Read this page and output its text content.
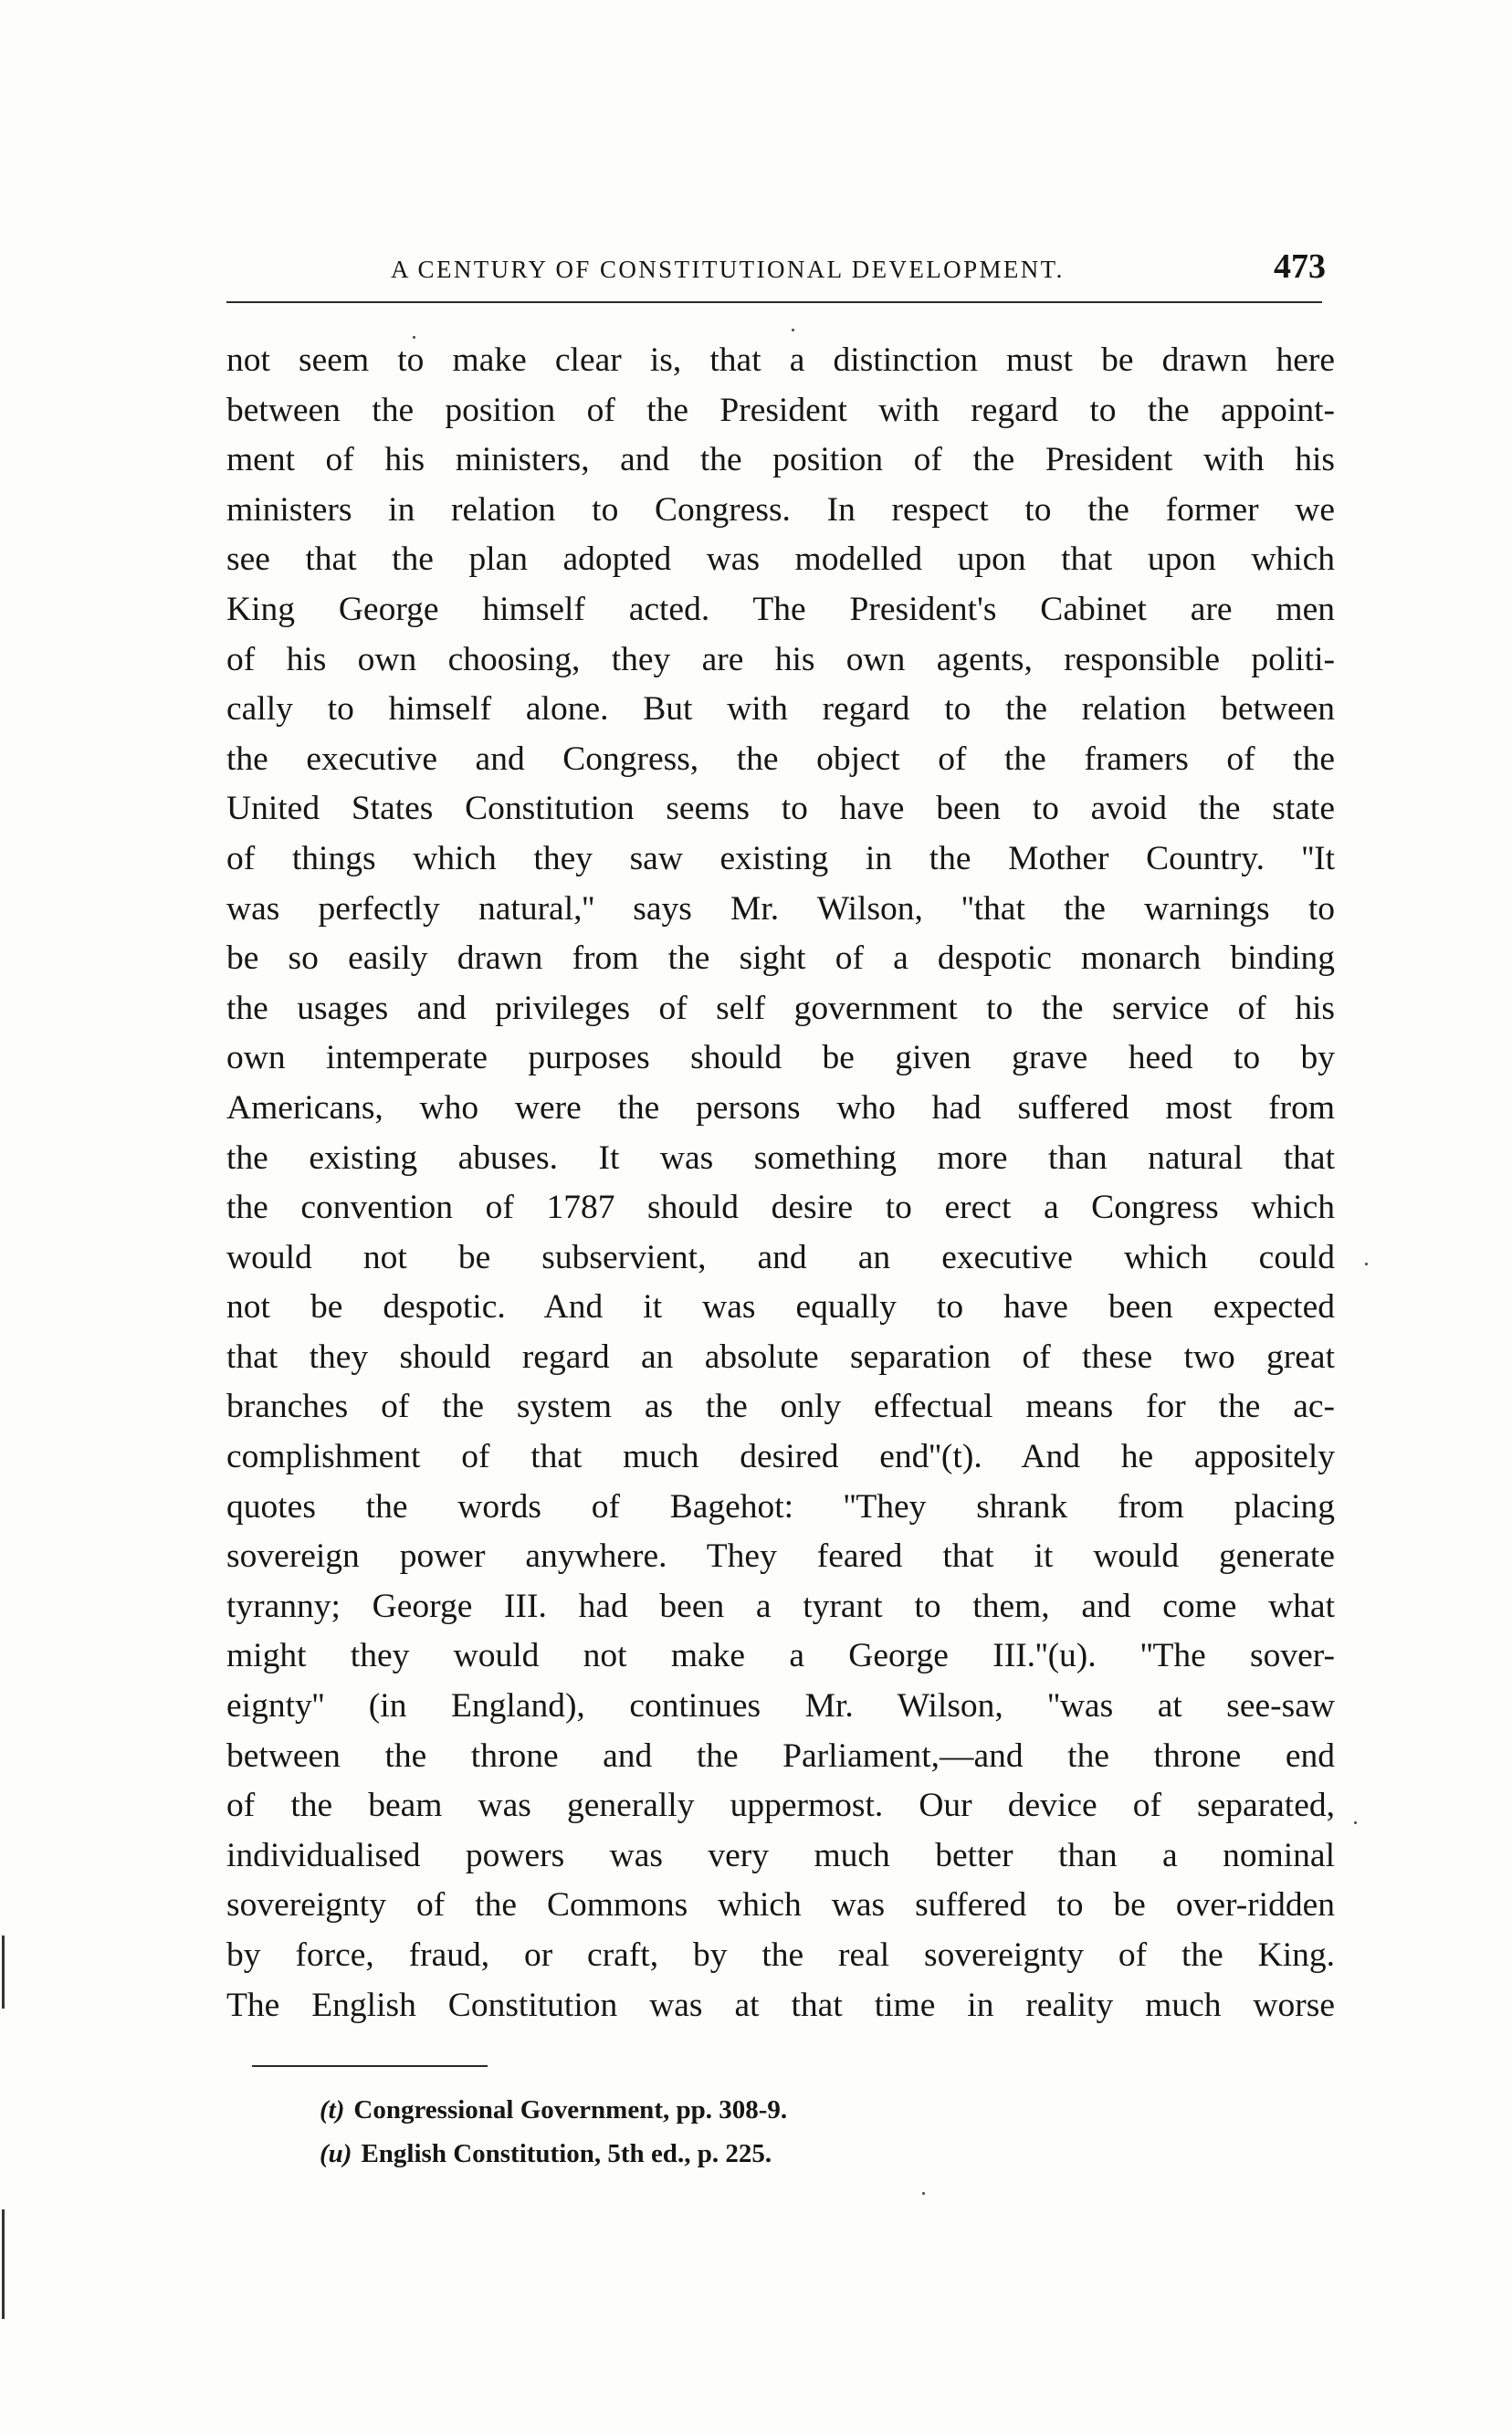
A CENTURY OF CONSTITUTIONAL DEVELOPMENT.	473
not seem to make clear is, that a distinction must be drawn here
between the position of the President with regard to the appoint-
ment of his ministers, and the position of the President with his
ministers in relation to Congress. In respect to the former we
see that the plan adopted was modelled upon that upon which
King George himself acted. The President's Cabinet are men
of his own choosing, they are his own agents, responsible politi-
cally to himself alone. But with regard to the relation between
the executive and Congress, the object of the framers of the
United States Constitution seems to have been to avoid the state
of things which they saw existing in the Mother Country. ''It
was perfectly natural,'' says Mr. Wilson, ''that the warnings to
be so easily drawn from the sight of a despotic monarch binding
the usages and privileges of self government to the service of his
own intemperate purposes should be given grave heed to by
Americans, who were the persons who had suffered most from
the existing abuses. It was something more than natural that
the convention of 1787 should desire to erect a Congress which
would not be subservient, and an executive which could
not be despotic. And it was equally to have been expected
that they should regard an absolute separation of these two great
branches of the system as the only effectual means for the ac-
complishment of that much desired end''(t). And he appositely
quotes the words of Bagehot: ''They shrank from placing
sovereign power anywhere. They feared that it would generate
tyranny; George III. had been a tyrant to them, and come what
might they would not make a George III.''(u). ''The sover-
eignty'' (in England), continues Mr. Wilson, ''was at see-saw
between the throne and the Parliament,—and the throne end
of the beam was generally uppermost. Our device of separated,
individualised powers was very much better than a nominal
sovereignty of the Commons which was suffered to be over-ridden
by force, fraud, or craft, by the real sovereignty of the King.
The English Constitution was at that time in reality much worse
(t) Congressional Government, pp. 308-9.
(u) English Constitution, 5th ed., p. 225.
